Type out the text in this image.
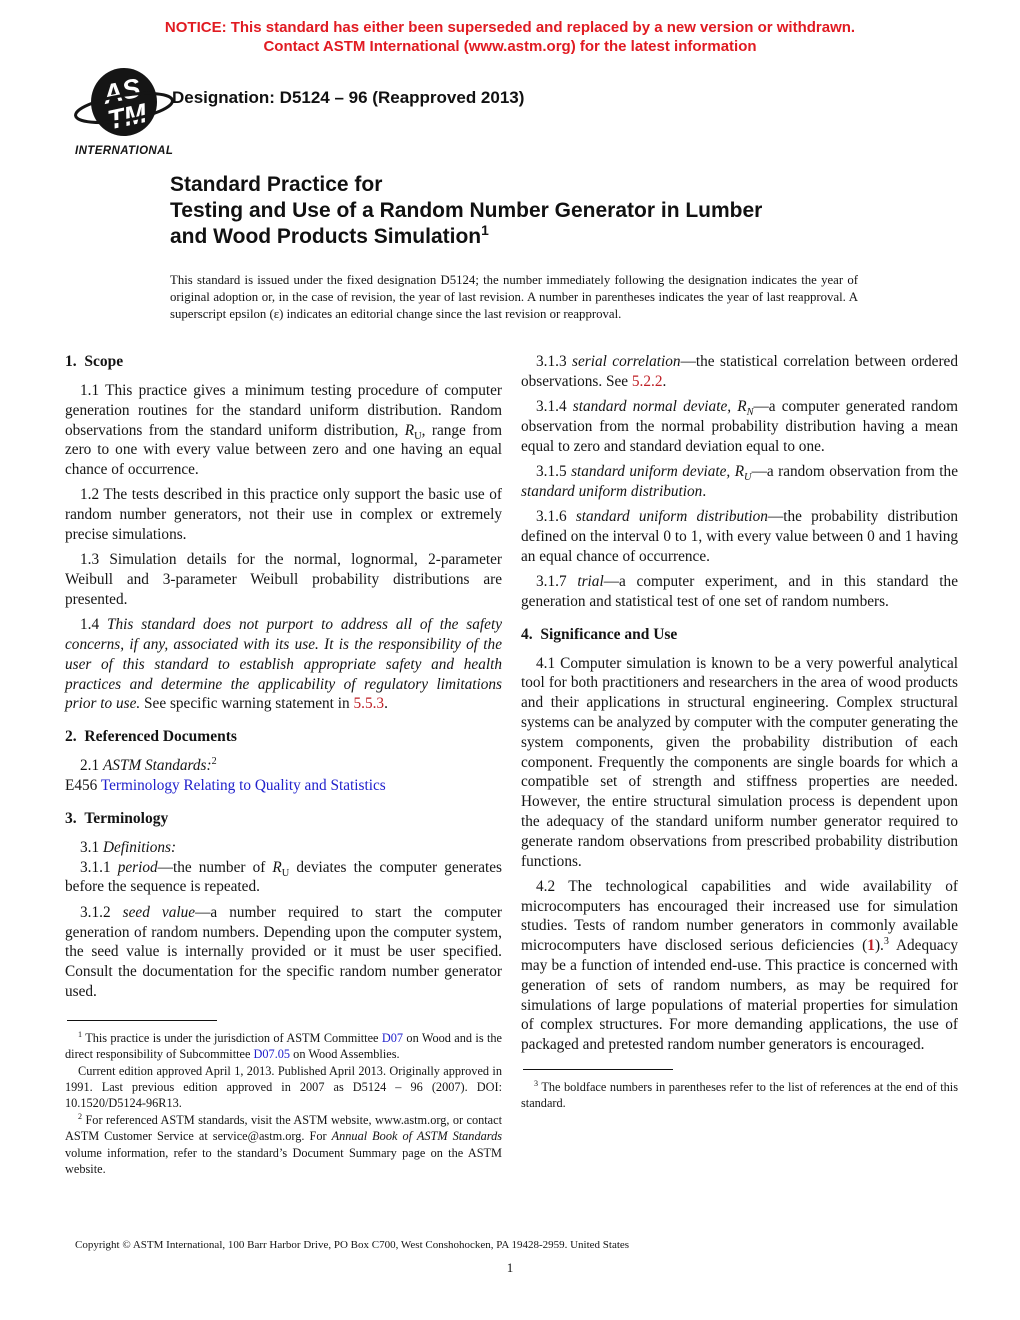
NOTICE: This standard has either been superseded and replaced by a new version or withdrawn.
Contact ASTM International (www.astm.org) for the latest information
AS
TM
INTERNATIONAL
Designation: D5124 – 96 (Reapproved 2013)
Standard Practice for
Testing and Use of a Random Number Generator in Lumber
and Wood Products Simulation$^1$
This standard is issued under the fixed designation D5124; the number immediately following the designation indicates the year of original adoption or, in the case of revision, the year of last revision. A number in parentheses indicates the year of last reapproval. A superscript epsilon (ε) indicates an editorial change since the last revision or reapproval.
1. Scope

1.1 This practice gives a minimum testing procedure of computer generation routines for the standard uniform distribution. Random observations from the standard uniform distribution, $R_U$, range from zero to one with every value between zero and one having an equal chance of occurrence.

1.2 The tests described in this practice only support the basic use of random number generators, not their use in complex or extremely precise simulations.

1.3 Simulation details for the normal, lognormal, 2-parameter Weibull and 3-parameter Weibull probability distributions are presented.

1.4 This standard does not purport to address all of the safety concerns, if any, associated with its use. It is the responsibility of the user of this standard to establish appropriate safety and health practices and determine the applicability of regulatory limitations prior to use. See specific warning statement in 5.5.3.

2. Referenced Documents

2.1 ASTM Standards:$^2$

E456 Terminology Relating to Quality and Statistics

3. Terminology

3.1 Definitions:

3.1.1 period—the number of $R_U$ deviates the computer generates before the sequence is repeated.

3.1.2 seed value—a number required to start the computer generation of random numbers. Depending upon the computer system, the seed value is internally provided or it must be user specified. Consult the documentation for the specific random number generator used.

$^1$ This practice is under the jurisdiction of ASTM Committee D07 on Wood and is the direct responsibility of Subcommittee D07.05 on Wood Assemblies.

Current edition approved April 1, 2013. Published April 2013. Originally approved in 1991. Last previous edition approved in 2007 as D5124 – 96 (2007). DOI: 10.1520/D5124-96R13.

$^2$ For referenced ASTM standards, visit the ASTM website, www.astm.org, or contact ASTM Customer Service at service@astm.org. For Annual Book of ASTM Standards volume information, refer to the standard’s Document Summary page on the ASTM website.

3.1.3 serial correlation—the statistical correlation between ordered observations. See 5.2.2.

3.1.4 standard normal deviate, $R_N—a$ computer generated random observation from the normal probability distribution having a mean equal to zero and standard deviation equal to one.

3.1.5 standard uniform deviate, $R_U—a$ random observation from the standard uniform distribution.

3.1.6 standard uniform distribution—the probability distribution defined on the interval 0 to 1, with every value between 0 and 1 having an equal chance of occurrence.

3.1.7 trial—a computer experiment, and in this standard the generation and statistical test of one set of random numbers.

4. Significance and Use

4.1 Computer simulation is known to be a very powerful analytical tool for both practitioners and researchers in the area of wood products and their applications in structural engineering. Complex structural systems can be analyzed by computer with the computer generating the system components, given the probability distribution of each component. Frequently the components are single boards for which a compatible set of strength and stiffness properties are needed. However, the entire structural simulation process is dependent upon the adequacy of the standard uniform number generator required to generate random observations from prescribed probability distribution functions.

4.2 The technological capabilities and wide availability of microcomputers has encouraged their increased use for simulation studies. Tests of random number generators in commonly available microcomputers have disclosed serious deficiencies (1).$^3$ Adequacy may be a function of intended end-use. This practice is concerned with generation of sets of random numbers, as may be required for simulations of large populations of material properties for simulation of complex structures. For more demanding applications, the use of packaged and pretested random number generators is encouraged.

$^3$ The boldface numbers in parentheses refer to the list of references at the end of this standard.

Copyright © ASTM International, 100 Barr Harbor Drive, PO Box C700, West Conshohocken, PA 19428-2959. United States
1
